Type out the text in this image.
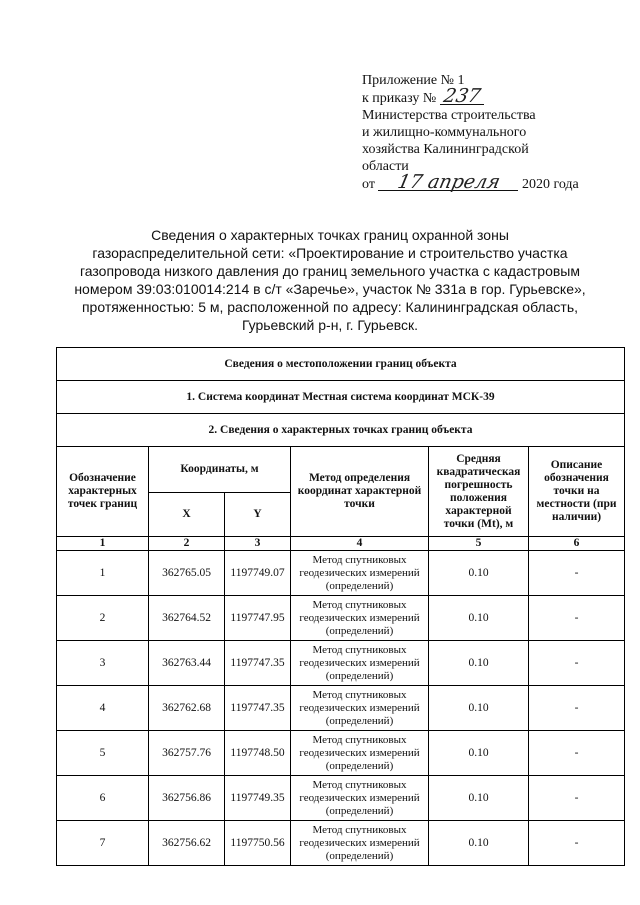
Приложение № 1
к приказу № 237
Министерства строительства
и жилищно-коммунального
хозяйства Калининградской
области
от 17 апреля 2020 года
Сведения о характерных точках границ охранной зоны
газораспределительной сети: «Проектирование и строительство участка
газопровода низкого давления до границ земельного участка с кадастровым
номером 39:03:010014:214 в с/т «Заречье», участок № 331а в гор. Гурьевске»,
протяженностью: 5 м, расположенной по адресу: Калининградская область,
Гурьевский р-н, г. Гурьевск.
Сведения о местоположении границ объекта					
1. Система координат Местная система координат МСК-39					
2. Сведения о характерных точках границ объекта					
Обозначение характерных точек границ	Координаты, м		Метод определения координат характерной точки	Средняя квадратическая погрешность положения характерной точки (Mt), м	Описание обозначения точки на местности (при наличии)
	X	Y			
1	2	3	4	5	6
1	362765.05	1197749.07	Метод спутниковых геодезических измерений (определений)	0.10	-
2	362764.52	1197747.95	Метод спутниковых геодезических измерений (определений)	0.10	-
3	362763.44	1197747.35	Метод спутниковых геодезических измерений (определений)	0.10	-
4	362762.68	1197747.35	Метод спутниковых геодезических измерений (определений)	0.10	-
5	362757.76	1197748.50	Метод спутниковых геодезических измерений (определений)	0.10	-
6	362756.86	1197749.35	Метод спутниковых геодезических измерений (определений)	0.10	-
7	362756.62	1197750.56	Метод спутниковых геодезических измерений (определений)	0.10	-
